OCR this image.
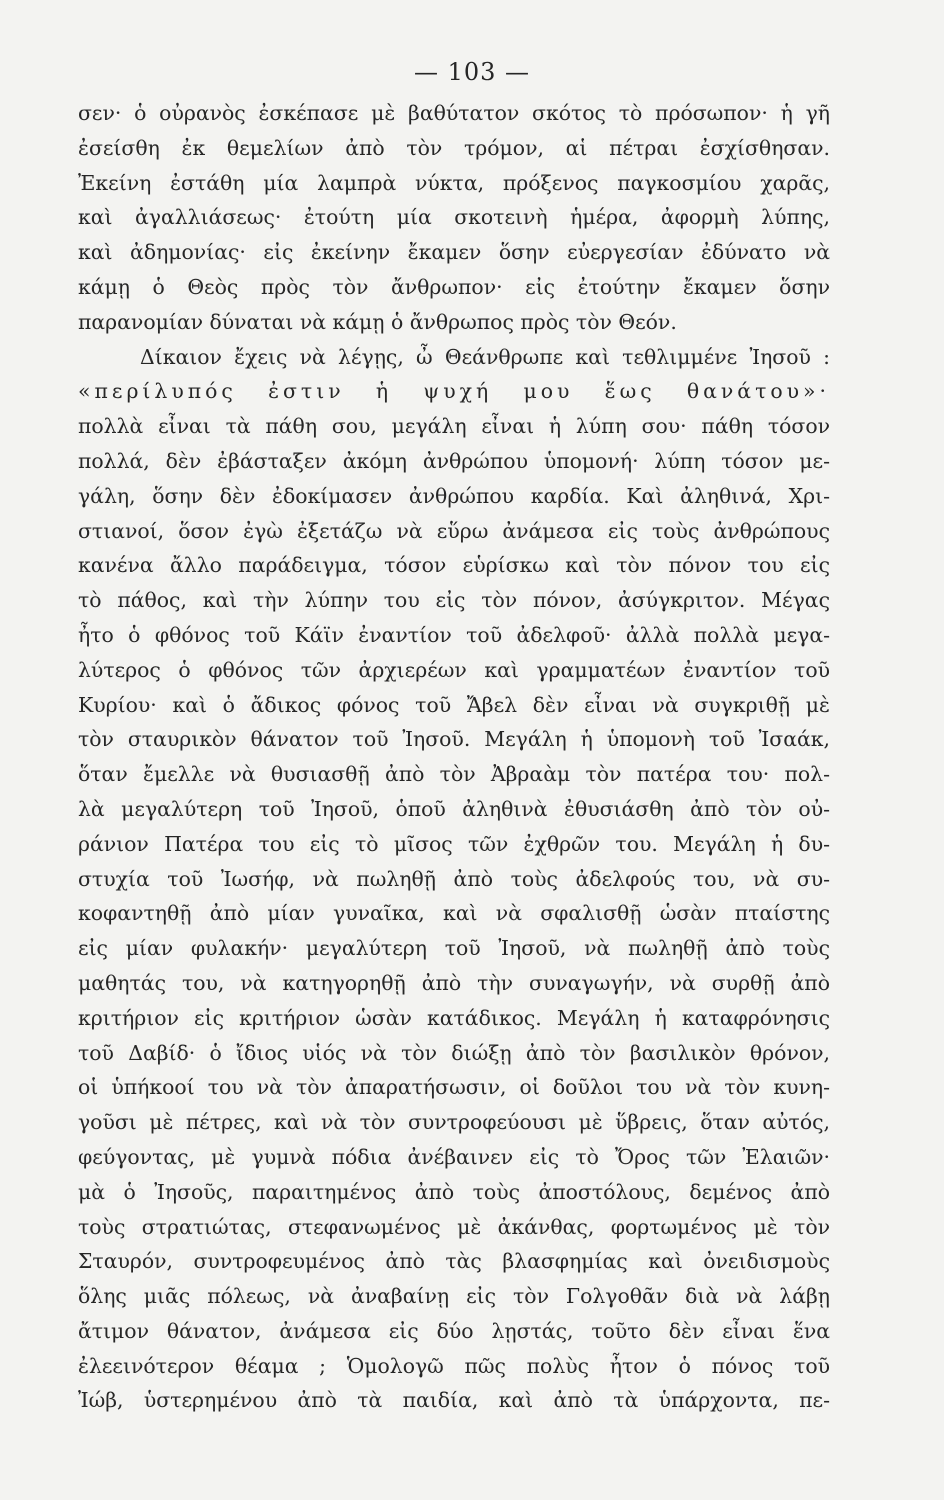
— 103 —
σεν· ὁ οὐρανὸς ἐσκέπασε μὲ βαθύτατον σκότος τὸ πρόσωπον· ἡ γῆ
ἐσείσθη ἐκ θεμελίων ἀπὸ τὸν τρόμον, αἱ πέτραι ἐσχίσθησαν.
Ἐκείνη ἐστάθη μία λαμπρὰ νύκτα, πρόξενος παγκοσμίου χαρᾶς,
καὶ ἀγαλλιάσεως· ἐτούτη μία σκοτεινὴ ἡμέρα, ἀφορμὴ λύπης,
καὶ ἀδημονίας· εἰς ἐκείνην ἔκαμεν ὅσην εὐεργεσίαν ἐδύνατο νὰ
κάμῃ ὁ Θεὸς πρὸς τὸν ἄνθρωπον· εἰς ἐτούτην ἔκαμεν ὅσην
παρανομίαν δύναται νὰ κάμῃ ὁ ἄνθρωπος πρὸς τὸν Θεόν.
Δίκαιον ἔχεις νὰ λέγῃς, ὦ Θεάνθρωπε καὶ τεθλιμμένε Ἰησοῦ :
«περίλυπός ἐστιν ἡ ψυχή μου ἕως θανάτου»·
πολλὰ εἶναι τὰ πάθη σου, μεγάλη εἶναι ἡ λύπη σου· πάθη τόσον
πολλά, δὲν ἐβάσταξεν ἀκόμη ἀνθρώπου ὑπομονή· λύπη τόσον με-
γάλη, ὅσην δὲν ἐδοκίμασεν ἀνθρώπου καρδία. Καὶ ἀληθινά, Χρι-
στιανοί, ὅσον ἐγὼ ἐξετάζω νὰ εὕρω ἀνάμεσα εἰς τοὺς ἀνθρώπους
κανένα ἄλλο παράδειγμα, τόσον εὑρίσκω καὶ τὸν πόνον του εἰς
τὸ πάθος, καὶ τὴν λύπην του εἰς τὸν πόνον, ἀσύγκριτον. Μέγας
ἦτο ὁ φθόνος τοῦ Κάϊν ἐναντίον τοῦ ἀδελφοῦ· ἀλλὰ πολλὰ μεγα-
λύτερος ὁ φθόνος τῶν ἀρχιερέων καὶ γραμματέων ἐναντίον τοῦ
Κυρίου· καὶ ὁ ἄδικος φόνος τοῦ Ἄβελ δὲν εἶναι νὰ συγκριθῇ μὲ
τὸν σταυρικὸν θάνατον τοῦ Ἰησοῦ. Μεγάλη ἡ ὑπομονὴ τοῦ Ἰσαάκ,
ὅταν ἔμελλε νὰ θυσιασθῇ ἀπὸ τὸν Ἀβραὰμ τὸν πατέρα του· πολ-
λὰ μεγαλύτερη τοῦ Ἰησοῦ, ὁποῦ ἀληθινὰ ἐθυσιάσθη ἀπὸ τὸν οὐ-
ράνιον Πατέρα του εἰς τὸ μῖσος τῶν ἐχθρῶν του. Μεγάλη ἡ δυ-
στυχία τοῦ Ἰωσήφ, νὰ πωληθῇ ἀπὸ τοὺς ἀδελφούς του, νὰ συ-
κοφαντηθῇ ἀπὸ μίαν γυναῖκα, καὶ νὰ σφαλισθῇ ὡσὰν πταίστης
εἰς μίαν φυλακήν· μεγαλύτερη τοῦ Ἰησοῦ, νὰ πωληθῇ ἀπὸ τοὺς
μαθητάς του, νὰ κατηγορηθῇ ἀπὸ τὴν συναγωγήν, νὰ συρθῇ ἀπὸ
κριτήριον εἰς κριτήριον ὡσὰν κατάδικος. Μεγάλη ἡ καταφρόνησις
τοῦ Δαβίδ· ὁ ἴδιος υἱός νὰ τὸν διώξῃ ἀπὸ τὸν βασιλικὸν θρόνον,
οἱ ὑπήκοοί του νὰ τὸν ἀπαρατήσωσιν, οἱ δοῦλοι του νὰ τὸν κυνη-
γοῦσι μὲ πέτρες, καὶ νὰ τὸν συντροφεύουσι μὲ ὕβρεις, ὅταν αὐτός,
φεύγοντας, μὲ γυμνὰ πόδια ἀνέβαινεν εἰς τὸ Ὄρος τῶν Ἐλαιῶν·
μὰ ὁ Ἰησοῦς, παραιτημένος ἀπὸ τοὺς ἀποστόλους, δεμένος ἀπὸ
τοὺς στρατιώτας, στεφανωμένος μὲ ἀκάνθας, φορτωμένος μὲ τὸν
Σταυρόν, συντροφευμένος ἀπὸ τὰς βλασφημίας καὶ ὀνειδισμοὺς
ὅλης μιᾶς πόλεως, νὰ ἀναβαίνῃ εἰς τὸν Γολγοθᾶν διὰ νὰ λάβῃ
ἄτιμον θάνατον, ἀνάμεσα εἰς δύο λῃστάς, τοῦτο δὲν εἶναι ἕνα
ἐλεεινότερον θέαμα ; Ὁμολογῶ πῶς πολὺς ἦτον ὁ πόνος τοῦ
Ἰώβ, ὑστερημένου ἀπὸ τὰ παιδία, καὶ ἀπὸ τὰ ὑπάρχοντα, πε-
